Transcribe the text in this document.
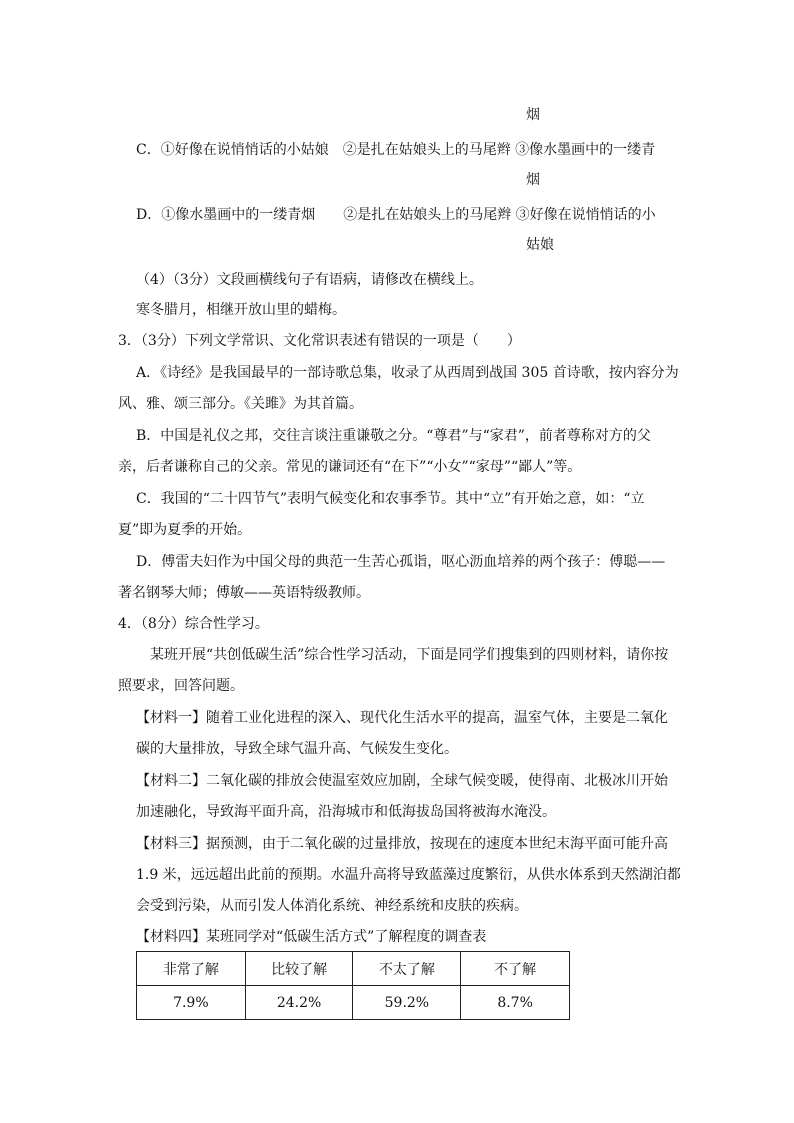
烟
C．①好像在说悄悄话的小姑娘　②是扎在姑娘头上的马尾辫 ③像水墨画中的一缕青
烟
D．①像水墨画中的一缕青烟　　②是扎在姑娘头上的马尾辫 ③好像在说悄悄话的小
姑娘
（4）（3分）文段画横线句子有语病，请修改在横线上。
寒冬腊月，相继开放山里的蜡梅。
3．（3分）下列文学常识、文化常识表述有错误的一项是（　　）
A．《诗经》是我国最早的一部诗歌总集，收录了从西周到战国 305 首诗歌，按内容分为
风、雅、颂三部分。《关雎》为其首篇。
B．中国是礼仪之邦，交往言谈注重谦敬之分。“尊君”与“家君”，前者尊称对方的父
亲，后者谦称自己的父亲。常见的谦词还有“在下”“小女”“家母”“鄙人”等。
C．我国的“二十四节气”表明气候变化和农事季节。其中“立”有开始之意，如：“立
夏”即为夏季的开始。
D．傅雷夫妇作为中国父母的典范一生苦心孤诣，呕心沥血培养的两个孩子：傅聪——
著名钢琴大师；傅敏——英语特级教师。
4．（8分）综合性学习。
某班开展“共创低碳生活”综合性学习活动，下面是同学们搜集到的四则材料，请你按
照要求，回答问题。
【材料一】随着工业化进程的深入、现代化生活水平的提高，温室气体，主要是二氧化
碳的大量排放，导致全球气温升高、气候发生变化。
【材料二】二氧化碳的排放会使温室效应加剧，全球气候变暖，使得南、北极冰川开始
加速融化，导致海平面升高，沿海城市和低海拔岛国将被海水淹没。
【材料三】据预测，由于二氧化碳的过量排放，按现在的速度本世纪末海平面可能升高
1.9 米，远远超出此前的预期。水温升高将导致蓝藻过度繁衍，从供水体系到天然湖泊都
会受到污染，从而引发人体消化系统、神经系统和皮肤的疾病。
【材料四】某班同学对“低碳生活方式”了解程度的调查表
非常了解	比较了解	不太了解	不了解
7.9%	24.2%	59.2%	8.7%
